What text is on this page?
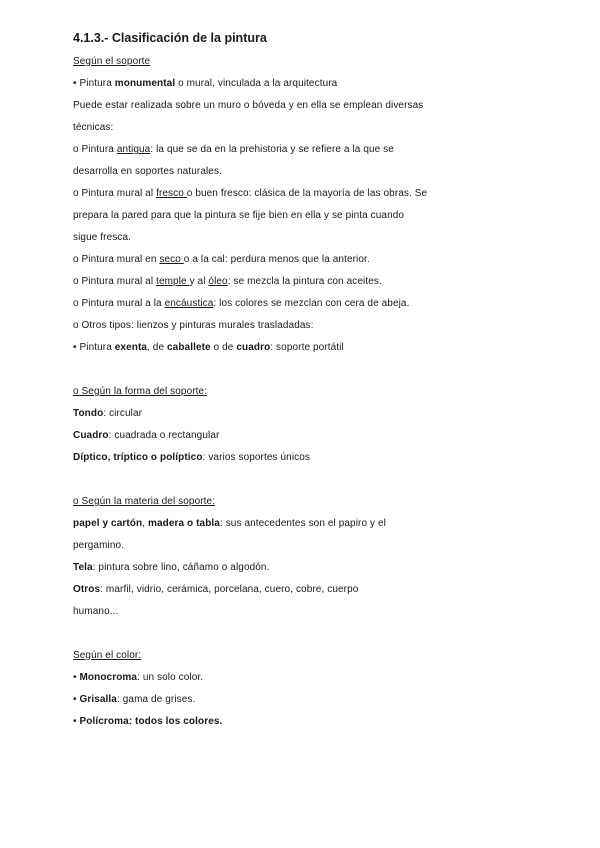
4.1.3.- Clasificación de la pintura
Según el soporte
• Pintura monumental o mural, vinculada a la arquitectura
Puede estar realizada sobre un muro o bóveda y en ella se emplean diversas
técnicas:
o Pintura antigua: la que se da en la prehistoria y se refiere a la que se
desarrolla en soportes naturales.
o Pintura mural al fresco o buen fresco: clásica de la mayoría de las obras. Se
prepara la pared para que la pintura se fije bien en ella y se pinta cuando
sigue fresca.
o Pintura mural en seco o a la cal: perdura menos que la anterior.
o Pintura mural al temple y al óleo: se mezcla la pintura con aceites.
o Pintura mural a la encáustica: los colores se mezclan con cera de abeja.
o Otros tipos: lienzos y pinturas murales trasladadas:
• Pintura exenta, de caballete o de cuadro: soporte portátil
o Según la forma del soporte:
Tondo: circular
Cuadro: cuadrada o rectangular
Díptico, tríptico o políptico: varios soportes únicos
o Según la materia del soporte:
papel y cartón, madera o tabla: sus antecedentes son el papiro y el
pergamino.
Tela: pintura sobre lino, cáñamo o algodón.
Otros: marfil, vidrio, cerámica, porcelana, cuero, cobre, cuerpo
humano...
Según el color:
• Monocroma: un solo color.
• Grisalla: gama de grises.
• Polícroma: todos los colores.
